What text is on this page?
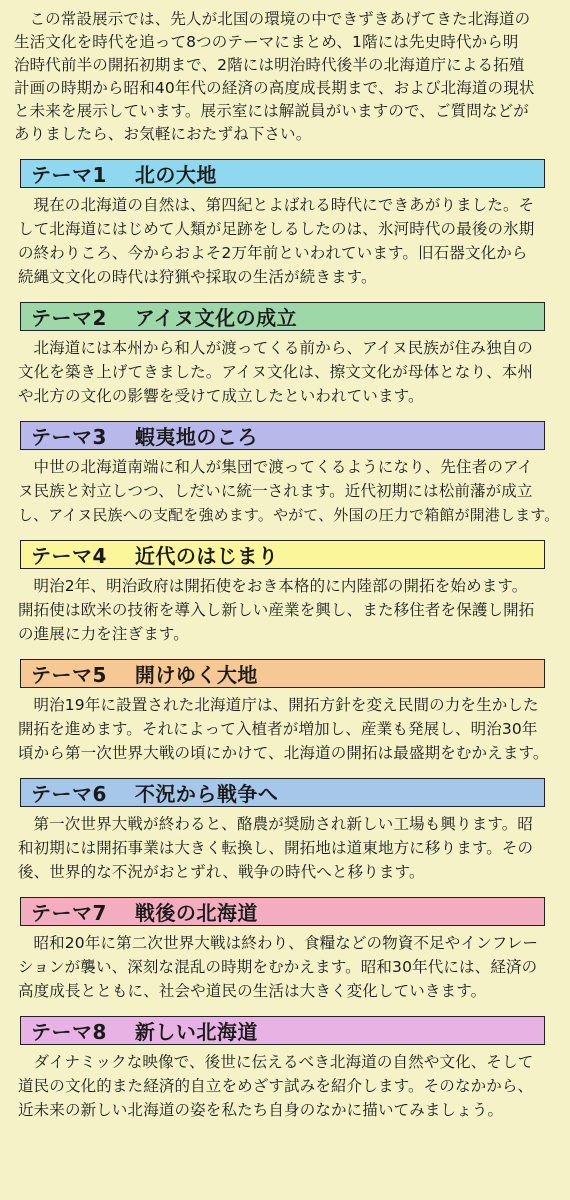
この常設展示では、先人が北国の環境の中できずきあげてきた北海道の

生活文化を時代を追って8つのテーマにまとめ、1階には先史時代から明

治時代前半の開拓初期まで、2階には明治時代後半の北海道庁による拓殖

計画の時期から昭和40年代の経済の高度成長期まで、および北海道の現状

と未来を展示しています。展示室には解説員がいますので、ご質問などが

ありましたら、お気軽におたずね下さい。

テーマ1 北の大地

現在の北海道の自然は、第四紀とよばれる時代にできあがりました。そ

して北海道にはじめて人類が足跡をしるしたのは、氷河時代の最後の氷期

の終わりころ、今からおよそ2万年前といわれています。旧石器文化から

続縄文文化の時代は狩猟や採取の生活が続きます。

テーマ2 アイヌ文化の成立

北海道には本州から和人が渡ってくる前から、アイヌ民族が住み独自の

文化を築き上げてきました。アイヌ文化は、擦文文化が母体となり、本州

や北方の文化の影響を受けて成立したといわれています。

テーマ3 蝦夷地のころ

中世の北海道南端に和人が集団で渡ってくるようになり、先住者のアイ

ヌ民族と対立しつつ、しだいに統一されます。近代初期には松前藩が成立

し、アイヌ民族への支配を強めます。やがて、外国の圧力で箱館が開港します。

テーマ4 近代のはじまり

明治2年、明治政府は開拓使をおき本格的に内陸部の開拓を始めます。

開拓使は欧米の技術を導入し新しい産業を興し、また移住者を保護し開拓

の進展に力を注ぎます。

テーマ5 開けゆく大地

明治19年に設置された北海道庁は、開拓方針を変え民間の力を生かした

開拓を進めます。それによって入植者が増加し、産業も発展し、明治30年

頃から第一次世界大戦の頃にかけて、北海道の開拓は最盛期をむかえます。

テーマ6 不況から戦争へ

第一次世界大戦が終わると、酪農が奨励され新しい工場も興ります。昭

和初期には開拓事業は大きく転換し、開拓地は道東地方に移ります。その

後、世界的な不況がおとずれ、戦争の時代へと移ります。

テーマ7 戦後の北海道

昭和20年に第二次世界大戦は終わり、食糧などの物資不足やインフレー

ションが襲い、深刻な混乱の時期をむかえます。昭和30年代には、経済の

高度成長とともに、社会や道民の生活は大きく変化していきます。

テーマ8 新しい北海道

ダイナミックな映像で、後世に伝えるべき北海道の自然や文化、そして

道民の文化的また経済的自立をめざす試みを紹介します。そのなかから、

近未来の新しい北海道の姿を私たち自身のなかに描いてみましょう。
